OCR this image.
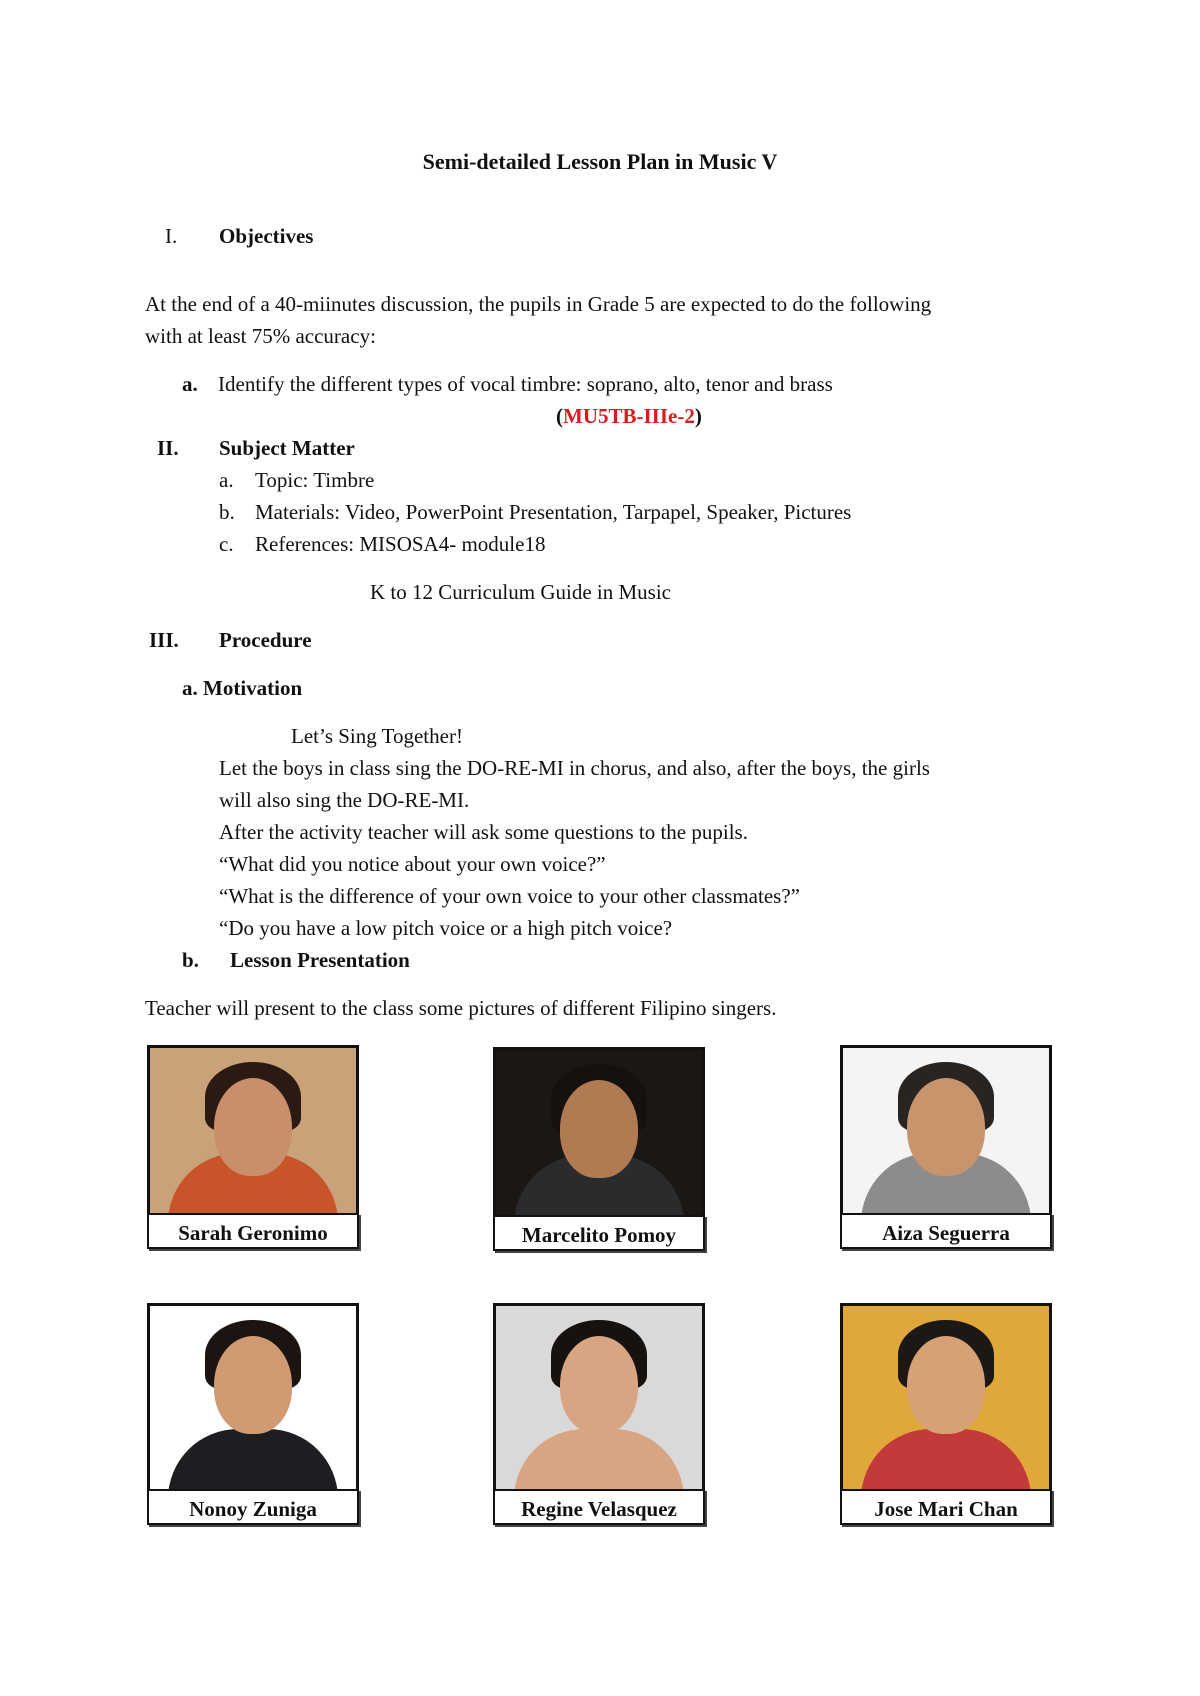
Semi-detailed Lesson Plan in Music V
I. Objectives
At the end of a 40-miinutes discussion, the pupils in Grade 5 are expected to do the following
with at least 75% accuracy:
a. Identify the different types of vocal timbre: soprano, alto, tenor and brass
(MU5TB-IIIe-2)
II. Subject Matter
a. Topic: Timbre
b. Materials: Video, PowerPoint Presentation, Tarpapel, Speaker, Pictures
c. References: MISOSA4- module18
K to 12 Curriculum Guide in Music
III. Procedure
a. Motivation
Let’s Sing Together!
Let the boys in class sing the DO-RE-MI in chorus, and also, after the boys, the girls
will also sing the DO-RE-MI.
After the activity teacher will ask some questions to the pupils.
“What did you notice about your own voice?”
“What is the difference of your own voice to your other classmates?”
“Do you have a low pitch voice or a high pitch voice?
b. Lesson Presentation
Teacher will present to the class some pictures of different Filipino singers.
Sarah Geronimo	Marcelito Pomoy	Aiza Seguerra
Nonoy Zuniga	Regine Velasquez	Jose Mari Chan
